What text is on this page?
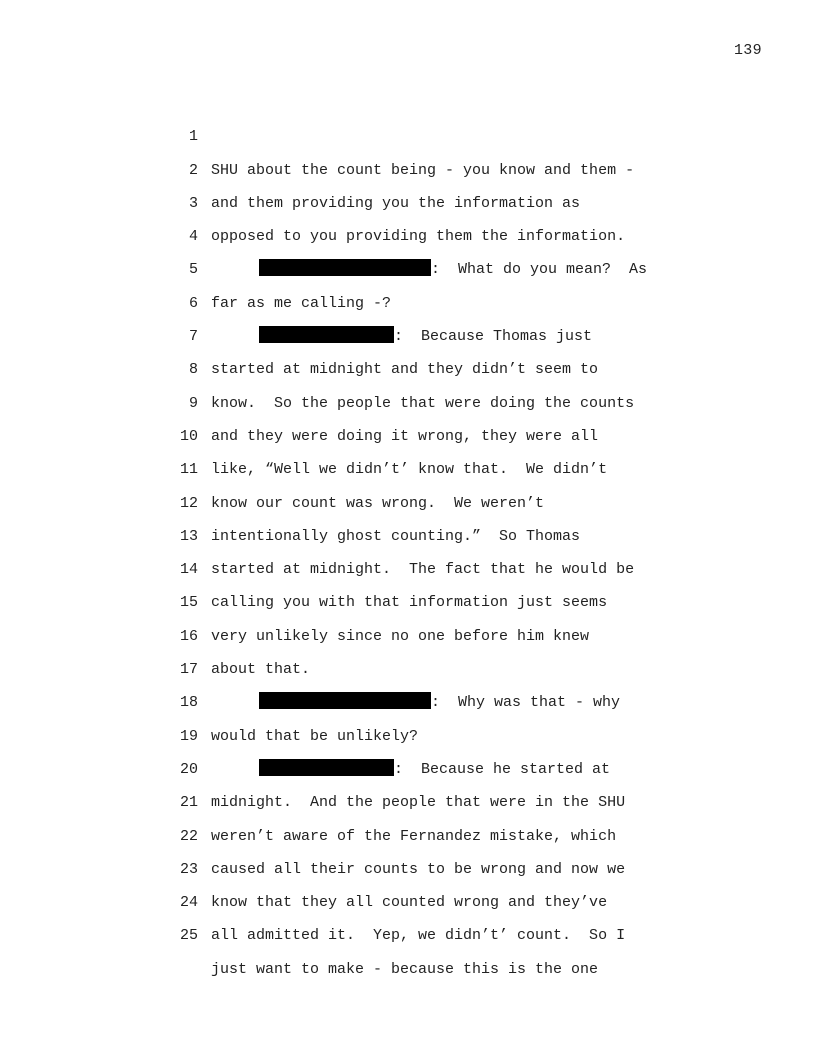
139

1

SHU about the count being - you know and them -

2

and them providing you the information as

3

opposed to you providing them the information.

4

:  What do you mean?  As

5

far as me calling -?

6

:  Because Thomas just

7

started at midnight and they didn’t seem to

8

know.  So the people that were doing the counts

9

and they were doing it wrong, they were all

10

like, “Well we didn’t’ know that.  We didn’t

11

know our count was wrong.  We weren’t

12

intentionally ghost counting.”  So Thomas

13

started at midnight.  The fact that he would be

14

calling you with that information just seems

15

very unlikely since no one before him knew

16

about that.

17

:  Why was that - why

18

would that be unlikely?

19

:  Because he started at

20

midnight.  And the people that were in the SHU

21

weren’t aware of the Fernandez mistake, which

22

caused all their counts to be wrong and now we

23

know that they all counted wrong and they’ve

24

all admitted it.  Yep, we didn’t’ count.  So I

25

just want to make - because this is the one
